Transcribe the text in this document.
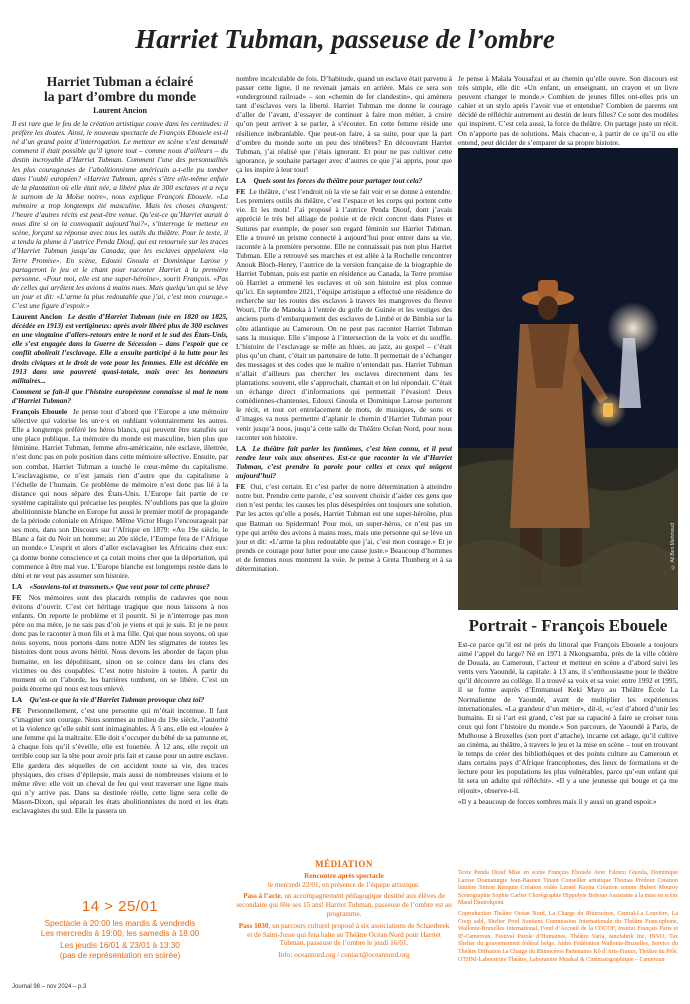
Harriet Tubman, passeuse de l’ombre
Harriet Tubman a éclairé
la part d’ombre du monde
Laurent Ancion

Il est rare que le feu de la création artistique couve dans les certitudes: il préfère les doutes. Ainsi, le nouveau spectacle de François Ebouele est-il né d’un grand point d’interrogation. Le metteur en scène s’est demandé comment il était possible qu’il ignore tout – comme nous d’ailleurs – du destin incroyable d’Harriet Tubman. Comment l’une des personnalités les plus courageuses de l’abolitionnisme américain a-t-elle pu tomber dans l’oubli européen? «Harriet Tubman, après s’être elle-même enfuie de la plantation où elle était née, a libéré plus de 300 esclaves et a reçu le surnom de la Moïse noire», nous explique François Ebouele. «La mémoire a trop longtemps été masculine. Mais les choses changent: l’heure d’autres récits est peut-être venue. Qu’est-ce qu’Harriet aurait à nous dire si on la convoquait aujourd’hui?», s’interroge le metteur en scène, forçant sa réponse avec tous les outils du théâtre. Pour le texte, il a tendu la plume à l’autrice Penda Diouf, qui est retournée sur les traces d’Harriet Tubman jusqu’au Canada, que les esclaves appelaient «la Terre Promise». En scène, Edouxi Gnoula et Dominique Larose y partageront le jeu et le chant pour raconter Harriet à la première personne. «Pour moi, elle est une super-héroïne», sourit François. «Pas de celles qui arrêtent les avions à mains nues. Mais quelqu’un qui se lève un jour et dit: «L’arme la plus redoutable que j’ai, c’est mon courage.» C’est une figure d’espoir.»

Laurent Ancion Le destin d’Harriet Tubman (née en 1820 ou 1825, décédée en 1913) est vertigineux: après avoir libéré plus de 300 esclaves en une vingtaine d’allers-retours entre le nord et le sud des États-Unis, elle s’est engagée dans la Guerre de Sécession – dans l’espoir que ce conflit abolirait l’esclavage. Elle a ensuite participé à la lutte pour les droits civiques et le droit de vote pour les femmes. Elle est décédée en 1913 dans une pauvreté quasi-totale, mais avec les honneurs militaires...

Comment se fait-il que l’histoire européenne connaisse si mal le nom d’Harriet Tubman?

François Ebouele Je pense tout d’abord que l’Europe a une mémoire sélective qui valorise les un·e·s en oubliant volontairement les autres. Elle a longtemps préféré les héros blancs, qui peuvent être statufiés sur une place publique. La mémoire du monde est masculine, bien plus que féminine. Harriet Tubman, femme afro-américaine, née esclave, illettrée, n’est donc pas en pole position dans cette mémoire sélective. Ensuite, par son combat, Harriet Tubman a touché le cœur-même du capitalisme. L’esclavagisme, ce n’est jamais rien d’autre que du capitalisme à l’échelle de l’humain. Ce problème de mémoire n’est donc pas lié à la distance qui nous sépare des États-Unis. L’Europe fait partie de ce système capitaliste qui précarise les peuples. N’oublions pas que la gloire abolitionniste blanche en Europe fut aussi le premier motif de propagande de la période coloniale en Afrique. Même Victor Hugo l’encourageait par ses mots, dans son Discours sur l’Afrique en 1879: «Au 19e siècle, le Blanc a fait du Noir un homme; au 20e siècle, l’Europe fera de l’Afrique un monde.» L’esprit et alors d’aller esclavagiser les Africains chez eux: ça donne bonne conscience et ça cotait moins cher que la déportation, qui commence à être mal vue. L’Europe blanche est longtemps restée dans le déni et ne veut pas assumer son histoire.

LA «Souviens-toi et transmets.» Que veut pour toi cette phrase?

FE Nos mémoires sont des placards remplis de cadavres que nous évitons d’ouvrir. C’est cet héritage tragique que nous laissons à nos enfants. On reporte le problème et il pourrit. Si je n’interroge pas mon père ou ma mère, je ne sais pas d’où je viens et qui je suis. Et je ne peux donc pas le raconter à mon fils et à ma fille. Qui que nous soyons, où que nous soyons, nous portons dans notre ADN les stigmates de toutes les histoires dont nous avons hérité. Nous devons les aborder de façon plus humaine, en les dépolitisant, sinon on se coince dans les clans des victimes ou des coupables. C’est notre histoire à toutes. À partir du moment où on l’aborde, les barrières tombent, on se libère. C’est un poids énorme qui nous est tous enlevé.

LA Qu’est-ce que la vie d’Harriet Tubman provoque chez toi?

FE Personnellement, c’est une personne qui m’était inconnue. Il faut s’imaginer son courage. Nous sommes au milieu du 19e siècle, l’autorité et la violence qu’elle subit sont inimaginables. À 5 ans, elle est «louée» à une femme qui la maltraite. Elle doit s’occuper du bébé de sa patronne et, à chaque fois qu’il s’éveille, elle est fouettée. À 12 ans, elle reçoit un terrible coup sur la tête pour avoir pris fait et cause pour un autre esclave. Elle gardera des séquelles de cet accident toute sa vie, des traces physiques, des crises d’épilepsie, mais aussi de nombreuses visions et le même rêve: elle voit un cheval de feu qui veut traverser une ligne mais qui n’y arrive pas. Dans sa destinée réelle, cette ligne sera celle de Mason-Dixon, qui séparait les états abolitionnistes du nord et les états esclavagistes du sud. Elle la passera un

nombre incalculable de fois. D’habitude, quand un esclave était parvenu à passer cette ligne, il ne revenait jamais en arrière. Mais ce sera son «underground railroad» – son «chemin de fer clandestin», qui amènera tant d’esclaves vers la liberté. Harriet Tubman me donne le courage d’aller de l’avant, d’essayer de continuer à faire mon métier, à croire qu’on peut arriver à se parler, à s’écouter. En cette femme réside une résilience inébranlable. Que peut-on faire, à sa suite, pour que la part d’ombre du monde sorte un peu des ténèbres? En découvrant Harriet Tubman, j’ai réalisé que j’étais ignorant. Et pour ne pas cultiver cette ignorance, je souhaite partager avec d’autres ce que j’ai appris, pour que ça les inspire à leur tour!

LA Quels sont les forces du théâtre pour partager tout cela?

FE Le théâtre, c’est l’endroit où la vie se fait voir et se donne à entendre. Les premiers outils du théâtre, c’est l’espace et les corps qui portent cette vie. Et les mots! J’ai proposé à l’autrice Penda Diouf, dont j’avais apprécié le très bel alliage de poésie et de récit concret dans Pistes et Sutures par exemple, de poser son regard féminin sur Harriet Tubman. Elle a trouvé un prisme connecté à aujourd’hui pour entrer dans sa vie, racontée à la première personne. Elle ne connaissait pas non plus Harriet Tubman. Elle a retrouvé ses marches et est allée à la Rochelle rencontrer Anouk Bloch-Henry, l’autrice de la version française de la biographie de Harriet Tubman, puis est partie en résidence au Canada, la Terre promise où Harriet a emmené les esclaves et où son histoire est plus connue qu’ici. En septembre 2021, l’équipe artistique a effectué une résidence de recherche sur les routes des esclaves à travers les mangroves du fleuve Wouri, l’île de Manoka à l’entrée du golfe de Guinée et les vestiges des anciens ports d’embarquement des esclaves de Limbé et de Bimbia sur la côte atlantique au Cameroun. On ne peut pas raconter Harriet Tubman sans la musique. Elle s’impose à l’intersection de la voix et du souffle. L’histoire de l’esclavage se mêle au blues, au jazz, au gospel – c’était plus qu’un chant, c’était un partenaire de lutte. Il permettait de s’échanger des messages et des codes que le maître n’entendait pas. Harriet Tubman n’allait d’ailleurs pas chercher les esclaves directement dans les plantations: souvent, elle s’approchait, chantait et on lui répondait. C’était un échange direct d’informations qui permettait l’évasion! Deux comédiennes-chanteuses, Edouxi Gnoula et Dominique Larose porteront le récit, et tout cet entrelacement de mots, de musiques, de sons et d’images va nous permettre d’aplanir le chemin d’Harriet Tubman pour venir jusqu’à nous, jusqu’à cette salle du Théâtre Océan Nord, pour nous raconter son histoire.

LA Le théâtre fait parler les fantômes, c’est bien connu, et il peut rendre leur voix aux absent·es. Est-ce que raconter la vie d’Harriet Tubman, c’est prendre la parole pour celles et ceux qui mûgent aujourd’hui?

FE Oui, c’est certain. Et c’est parler de notre détermination à atteindre notre but. Prendre cette parole, c’est souvent choisir d’aider ces gens que rien n’est perdu: les causes les plus désespérées ont toujours une solution. Par les actes qu’elle a posés, Harriet Tubman est une super-héroïne, plus que Batman ou Spiderman! Pour moi, un super-héros, ce n’est pas un type qui arrête des avions à mains nues, mais une personne qui se lève un jour et dit: «L’arme la plus redoutable que j’ai, c’est mon courage.» Et je prends ce courage pour lutter pour une cause juste.» Beaucoup d’hommes et de femmes nous montrent la voie. Je pense à Greta Thunberg et à sa détermination.	© Ali Ben Mahmoud

Je pense à Malala Yousafzai et au chemin qu’elle ouvre. Son discours est très simple, elle dit: «Un enfant, un enseignant, un crayon et un livre peuvent changer le monde.» Combien de jeunes filles ont-elles pris un cahier et un stylo après l’avoir vue et entendue? Combien de parents ont décidé de réfléchir autrement au destin de leurs filles? Ce sont des modèles qui inspirent. C’est cela aussi, la force du théâtre. On partage juste un récit. On n’apporte pas de solutions. Mais chacun·e, à partir de ce qu’il ou elle entend, peut décider de s’emparer de sa propre histoire.

Portrait - François Ebouele

Est-ce parce qu’il est né près du littoral que François Ebouele a toujours aimé l’appel du large? Né en 1971 à Nkongsamba, près de la ville côtière de Douala, au Cameroun, l’acteur et metteur en scène a d’abord suivi les vents vers Yaoundé, la capitale: à 13 ans, il s’enthousiasme pour le théâtre qu’il découvre au collège. Il a trouvé sa voix et sa voie: entre 1992 et 1995, il se forme auprès d’Emmanuel Keki Mayo au Théâtre École La Normalienne de Yaoundé, avant de multiplier les expériences internationales. «La grandeur d’un métier», dit-il, «c’est d’abord d’unir les humains. Et si l’art est grand, c’est par sa capacité à faire se croiser tous ceux qui font l’histoire du monde.» Son parcours, de Yaoundé à Paris, de Mulhouse à Bruxelles (son port d’attache), incarne cet adage, qu’il cultive au cinéma, au théâtre, à travers le jeu et la mise en scène – tout en trouvant le temps de créer des bibliothèques et des points culture au Cameroun et dans certains pays d’Afrique francophones, des lieux de formations et de lecture pour les populations les plus vulnérables, parce qu’«un enfant qui lit sera un adulte qui réfléchit». «Il y a une jeunesse qui bouge et ça me réjouit», observe-t-il.

«Il y a beaucoup de forces sombres mais il y aussi un grand espoir.»

14 > 25/01
Spectacle à 20:00 les mardis & vendredis
Les mercredis à 19:00, les samedis à 18:00
Les jeudis 16/01 & 23/01 à 13:30
(pas de représentation en soirée)
MÉDIATION
Rencontre après spectacle
le mercredi 22/01, en présence de l’équipe artistique.
Pass à l’acte, un accompagnement pédagogique destiné aux élèves de secondaire qui fête ses 15 ans! Harriet Tubman, passeuse de l’ombre est au programme.
Pass 1030, un parcours culturel proposé à six associations de Schaerbeek et de Saint-Josse qui fera halte au Théâtre Océan Nord pour Harriet Tubman, passeuse de l’ombre le jeudi 16/01.
Info: oceannord.org / contact@oceannord.org

Texte Penda Diouf Mise en scène François Ebouele Avec Edouxi Gnoula, Dominique Larose Dramaturgie Jean-Bastien Tinant Conseiller artistique Thomas Prédour Création lumière Simon Renquin Création vidéo Lionel Ravira Création sonore Hubert Mouroy Scénographie Sophie Carlier Chorégraphie Hippolyte Bohouo Assistante à la mise en scène Maud Dautrekpont

Coproduction Théâtre Océan Nord, La Charge du Rhinocéros, Central-La Louvière, La Coop asbl, Shelter Prod Soutiens Commission Internationale du Théâtre Francophone, Wallonie-Bruxelles International, Fond d’Accueil de la COCOF, Institut Français Paris et IF-Cameroun, Festival Parole d’Humaines, Théâtre Varia, tanzfabrik Inc, INVO, Tax Shelter du gouvernement fédéral belge. Aides Fédération Wallonie-Bruxelles, Service du Théâtre Diffusion La Charge du Rhinocéros Partenaires Kô d’Arts-France, Théâtre du Pélé, OTHNI-Laboratoire Théâtre, Laboratoire Musikal & Cinématographique – Cameroun

Journal 98 – nov 2024 – p.3
